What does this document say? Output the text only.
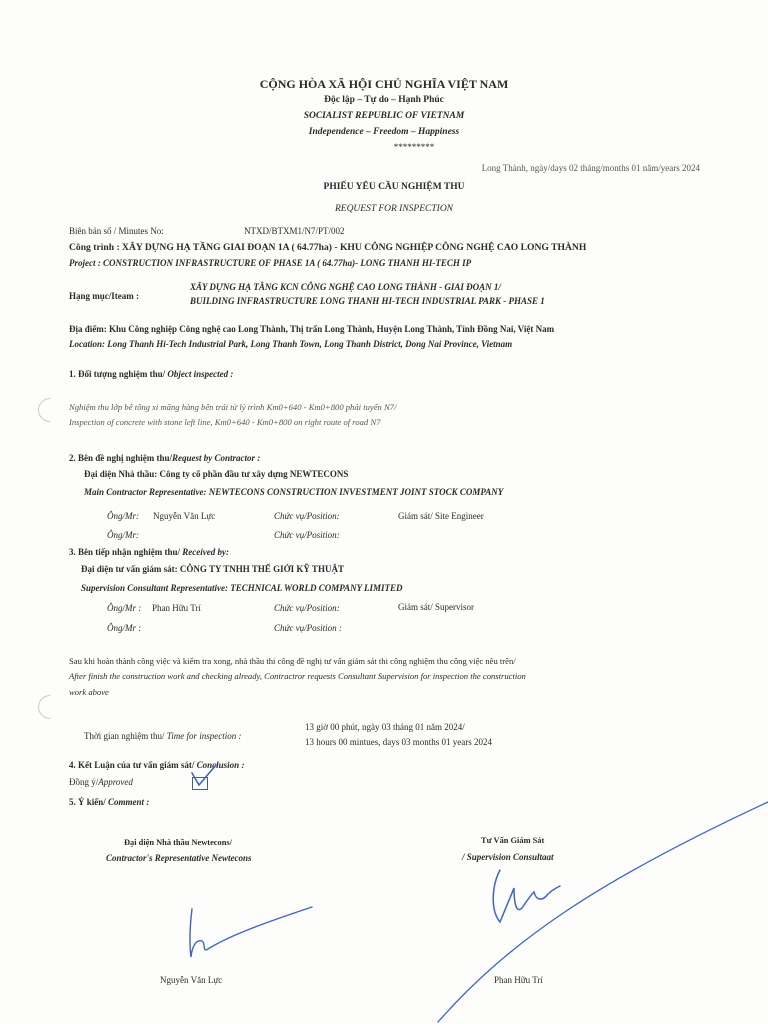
CỘNG HÒA XÃ HỘI CHỦ NGHĨA VIỆT NAM
Độc lập – Tự do – Hạnh Phúc
SOCIALIST REPUBLIC OF VIETNAM
Independence – Freedom – Happiness
*********
Long Thành, ngày/days 02 tháng/months 01 năm/years 2024
PHIẾU YÊU CẦU NGHIỆM THU
REQUEST FOR INSPECTION
Biên bản số / Minutes No:	NTXD/BTXM1/N7/PT/002
Công trình : XÂY DỰNG HẠ TẦNG GIAI ĐOẠN 1A ( 64.77ha) - KHU CÔNG NGHIỆP CÔNG NGHỆ CAO LONG THÀNH
Project : CONSTRUCTION INFRASTRUCTURE OF PHASE 1A ( 64.77ha)- LONG THANH HI-TECH IP
Hạng mục/Iteam :
XÂY DỰNG HẠ TẦNG KCN CÔNG NGHỆ CAO LONG THÀNH - GIAI ĐOẠN 1/
BUILDING INFRASTRUCTURE LONG THANH HI-TECH INDUSTRIAL PARK - PHASE 1
Địa điểm: Khu Công nghiệp Công nghệ cao Long Thành, Thị trấn Long Thành, Huyện Long Thành, Tỉnh Đồng Nai, Việt Nam
Location: Long Thanh Hi-Tech Industrial Park, Long Thanh Town, Long Thanh District, Dong Nai Province, Vietnam
1. Đối tượng nghiệm thu/ Object inspected :
Nghiệm thu lớp bê tông xi măng hàng bên trái từ lý trình Km0+640 - Km0+800 phải tuyến N7/
Inspection of concrete with stone left line, Km0+640 - Km0+800 on right route of road N7
2. Bên đề nghị nghiệm thu/Request by Contractor :
Đại diện Nhà thầu: Công ty cổ phần đầu tư xây dựng NEWTECONS
Main Contractor Representative: NEWTECONS CONSTRUCTION INVESTMENT JOINT STOCK COMPANY
Ông/Mr: Nguyễn Văn Lực	Chức vụ/Position:	Giám sát/ Site Engineer
Ông/Mr:	Chức vụ/Position:
3. Bên tiếp nhận nghiệm thu/ Received by:
Đại diện tư vấn giám sát: CÔNG TY TNHH THẾ GIỚI KỸ THUẬT
Supervision Consultant Representative: TECHNICAL WORLD COMPANY LIMITED
Ông/Mr : Phan Hữu Trí	Chức vụ/Position:	Giám sát/ Supervisor
Ông/Mr :	Chức vụ/Position :
Sau khi hoàn thành công việc và kiểm tra xong, nhà thầu thi công đề nghị tư vấn giám sát thi công nghiệm thu công việc nêu trên/
After finish the construction work and checking already, Contractror requests Consultant Supervision for inspection the construction
work above
Thời gian nghiệm thu/ Time for inspection :
13 giờ 00 phút, ngày 03 tháng 01 năm 2024/
13 hours 00 mintues, days 03 months 01 years 2024
4. Kết Luận của tư vấn giám sát/ Conclusion :
Đồng ý/Approved
5. Ý kiến/ Comment :
Đại diện Nhà thầu Newtecons/
Contractor's Representative Newtecons
Tư Vấn Giám Sát
/ Supervision Consultaat
Nguyễn Văn Lực	Phan Hữu Trí
